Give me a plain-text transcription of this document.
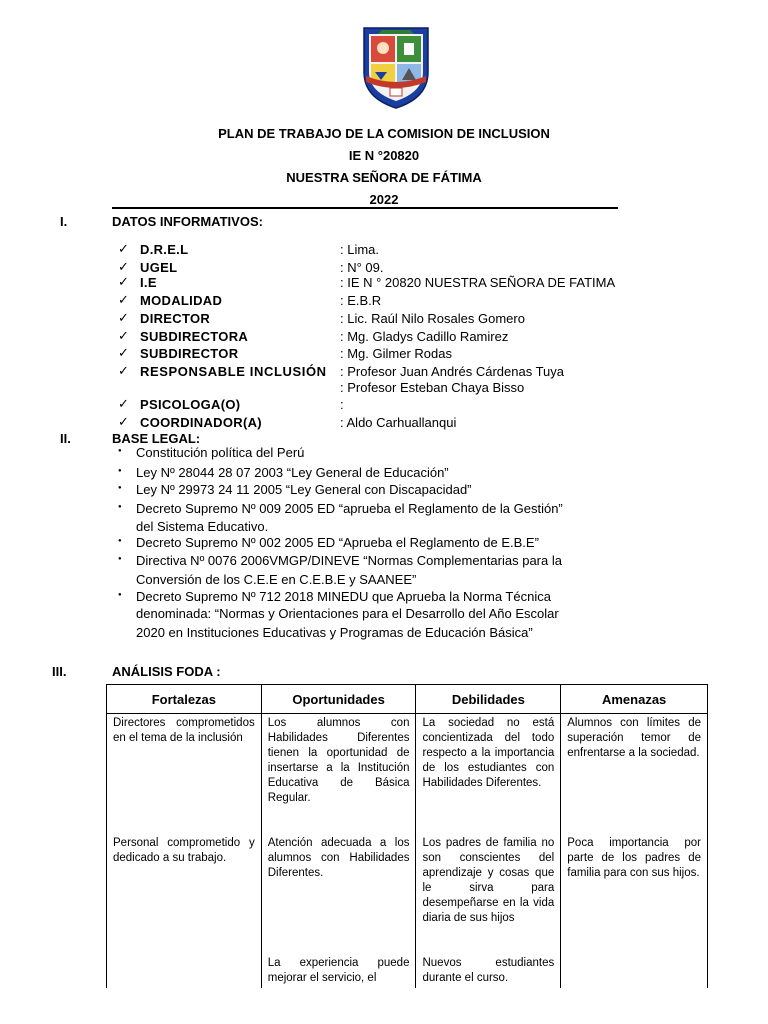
PLAN DE TRABAJO DE LA COMISION DE INCLUSION
IE N °20820
NUESTRA SEÑORA DE FÁTIMA
2022
I.	DATOS INFORMATIVOS:
✓ D.R.E.L	: Lima.
✓ UGEL	: N° 09.
✓ I.E	: IE N ° 20820 NUESTRA SEÑORA DE FATIMA
✓ MODALIDAD	: E.B.R
✓ DIRECTOR	: Lic. Raúl Nilo Rosales Gomero
✓ SUBDIRECTORA	: Mg. Gladys Cadillo Ramirez
✓ SUBDIRECTOR	: Mg. Gilmer Rodas
✓ RESPONSABLE INCLUSIÓN : Profesor Juan Andrés Cárdenas Tuya
: Profesor Esteban Chaya Bisso
✓ PSICOLOGA(O)	:
✓ COORDINADOR(A)	: Aldo Carhuallanqui
II.	BASE LEGAL:
● Constitución política del Perú
● Ley Nº 28044 28 07 2003 “Ley General de Educación”
● Ley Nº 29973 24 11 2005 “Ley General con Discapacidad”
● Decreto Supremo Nº 009 2005 ED “aprueba el Reglamento de la Gestión”
del Sistema Educativo.
● Decreto Supremo Nº 002 2005 ED “Aprueba el Reglamento de E.B.E”
● Directiva Nº 0076 2006VMGP/DINEVE “Normas Complementarias para la
Conversión de los C.E.E en C.E.B.E y SAANEE”
● Decreto Supremo Nº 712 2018 MINEDU que Aprueba la Norma Técnica
denominada: “Normas y Orientaciones para el Desarrollo del Año Escolar
2020 en Instituciones Educativas y Programas de Educación Básica”
III.	ANÁLISIS FODA :
Fortalezas	Oportunidades	Debilidades	Amenazas

Directores comprometidos en el tema de la inclusión	Los alumnos con Habilidades Diferentes tienen la oportunidad de insertarse a la Institución Educativa de Básica Regular.	La sociedad no está concientizada del todo respecto a la importancia de los estudiantes con Habilidades Diferentes.	Alumnos con límites de superación temor de enfrentarse a la sociedad.

Personal comprometido y dedicado a su trabajo.	Atención adecuada a los alumnos con Habilidades Diferentes.	Los padres de familia no son conscientes del aprendizaje y cosas que le sirva para desempeñarse en la vida diaria de sus hijos	Poca importancia por parte de los padres de familia para con sus hijos.

	La experiencia puede mejorar el servicio, el	Nuevos estudiantes durante el curso.	
